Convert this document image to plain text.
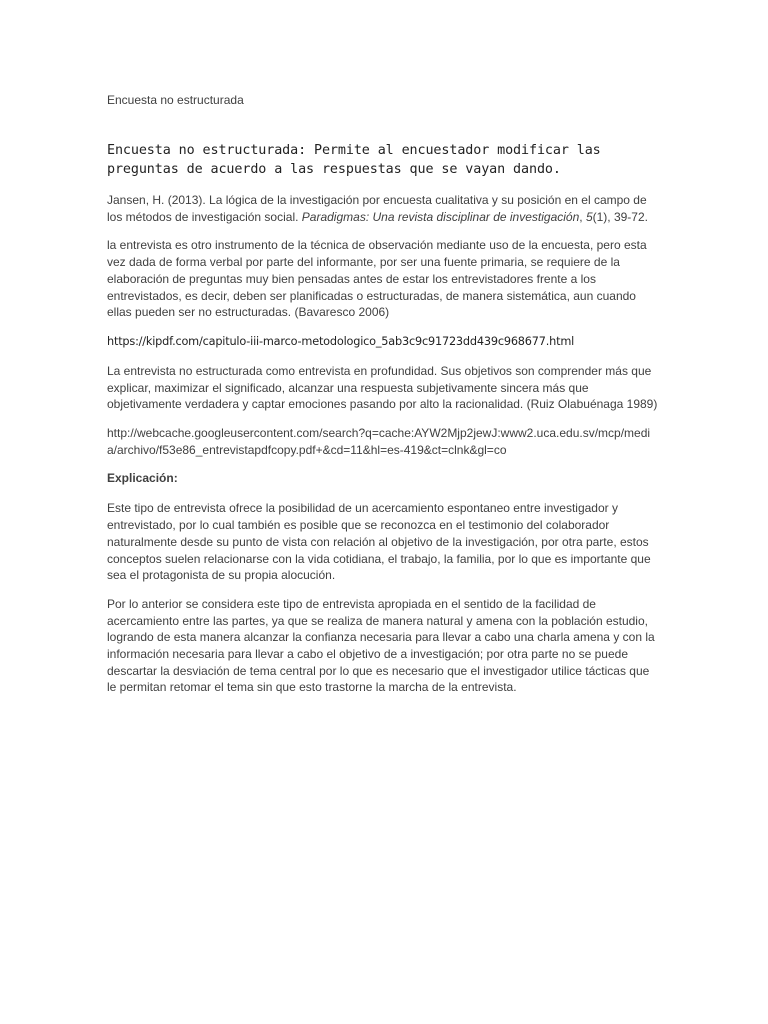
Encuesta no estructurada
Encuesta no estructurada: Permite al encuestador modificar las preguntas de acuerdo a las respuestas que se vayan dando.

Jansen, H. (2013). La lógica de la investigación por encuesta cualitativa y su posición en el campo de los métodos de investigación social. Paradigmas: Una revista disciplinar de investigación, 5(1), 39-72.

la entrevista es otro instrumento de la técnica de observación mediante uso de la encuesta, pero esta vez dada de forma verbal por parte del informante, por ser una fuente primaria, se requiere de la elaboración de preguntas muy bien pensadas antes de estar los entrevistadores frente a los entrevistados, es decir, deben ser planificadas o estructuradas, de manera sistemática, aun cuando ellas pueden ser no estructuradas. (Bavaresco 2006)

https://kipdf.com/capitulo-iii-marco-metodologico_5ab3c9c91723dd439c968677.html

La entrevista no estructurada como entrevista en profundidad. Sus objetivos son comprender más que explicar, maximizar el significado, alcanzar una respuesta subjetivamente sincera más que objetivamente verdadera y captar emociones pasando por alto la racionalidad. (Ruiz Olabuénaga 1989)

http://webcache.googleusercontent.com/search?q=cache:AYW2Mjp2jewJ:www2.uca.edu.sv/mcp/media/archivo/f53e86_entrevistapdfcopy.pdf+&cd=11&hl=es-419&ct=clnk&gl=co

Explicación:

Este tipo de entrevista ofrece la posibilidad de un acercamiento espontaneo entre investigador y entrevistado, por lo cual también es posible que se reconozca en el testimonio del colaborador naturalmente desde su punto de vista con relación al objetivo de la investigación, por otra parte, estos conceptos suelen relacionarse con la vida cotidiana, el trabajo, la familia, por lo que es importante que sea el protagonista de su propia alocución.

Por lo anterior se considera este tipo de entrevista apropiada en el sentido de la facilidad de acercamiento entre las partes, ya que se realiza de manera natural y amena con la población estudio, logrando de esta manera alcanzar la confianza necesaria para llevar a cabo una charla amena y con la información necesaria para llevar a cabo el objetivo de a investigación; por otra parte no se puede descartar la desviación de tema central por lo que es necesario que el investigador utilice tácticas que le permitan retomar el tema sin que esto trastorne la marcha de la entrevista.
